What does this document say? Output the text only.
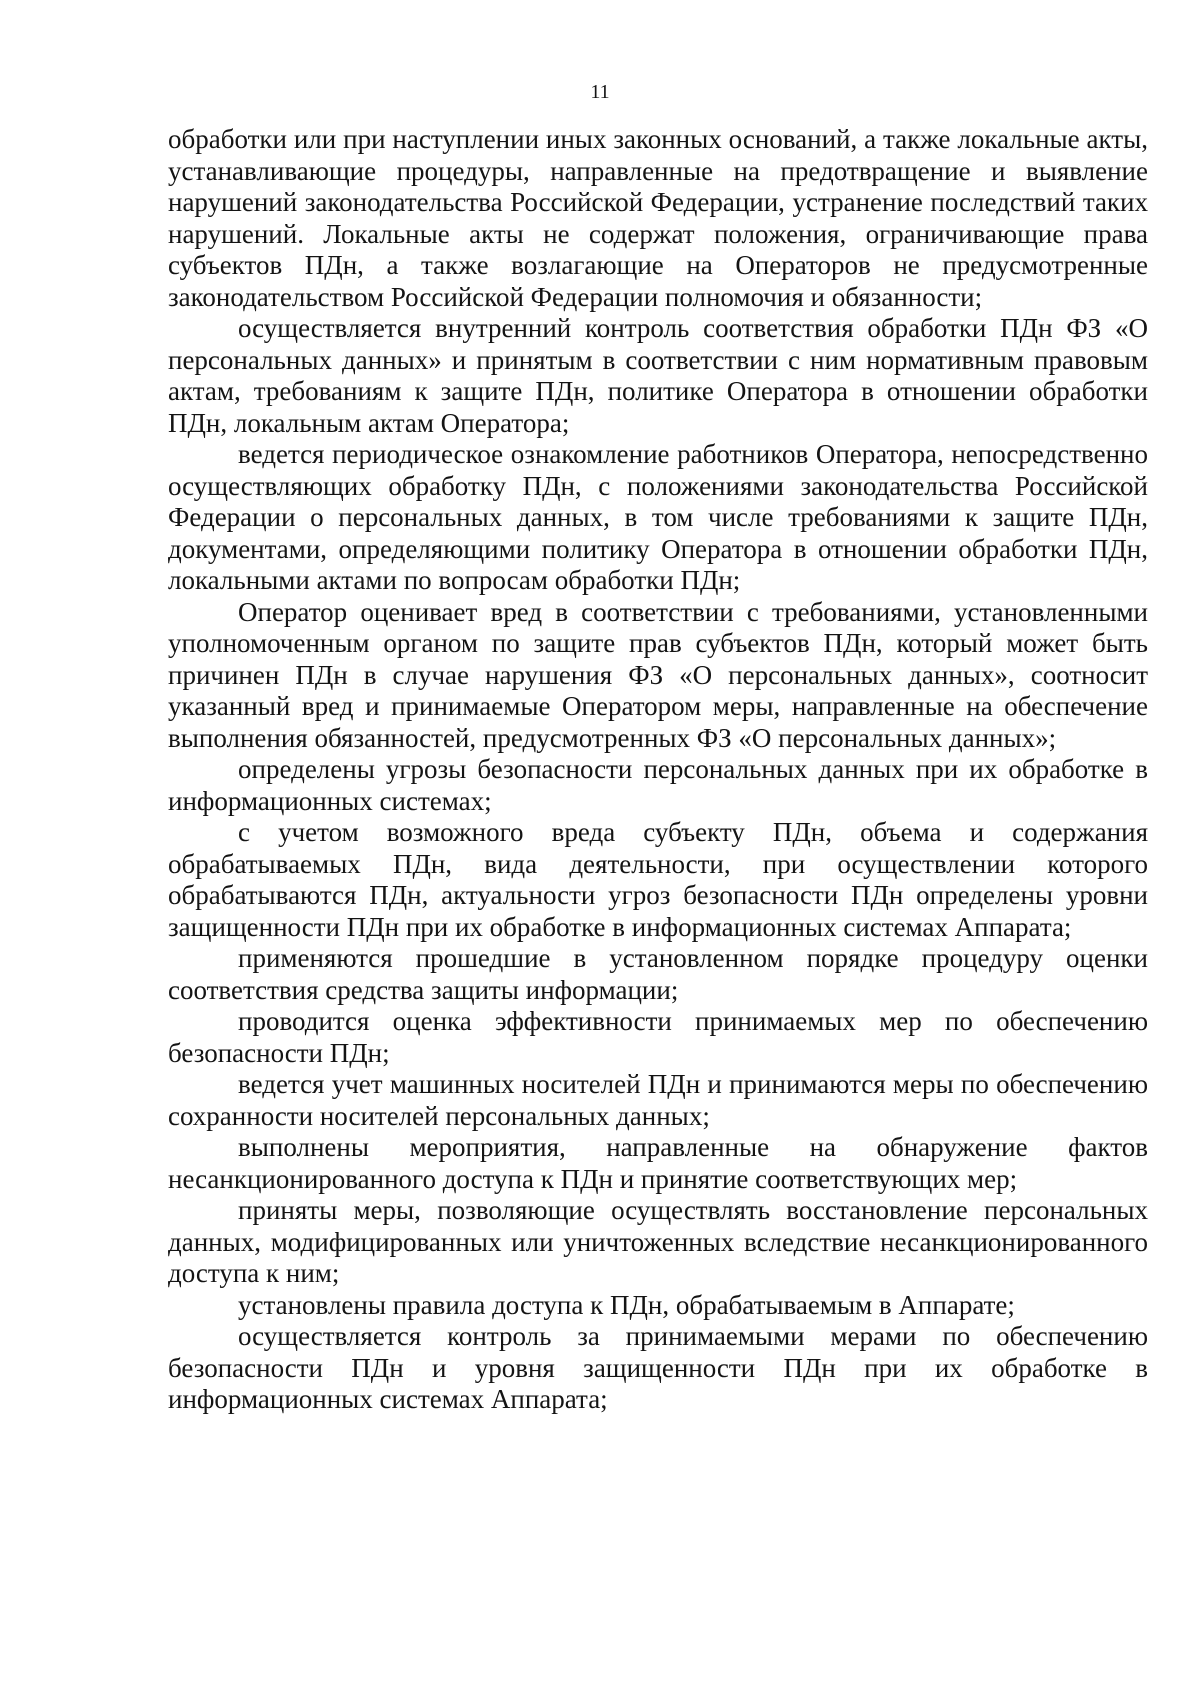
11

обработки или при наступлении иных законных оснований, а также локальные акты, устанавливающие процедуры, направленные на предотвращение и выявление нарушений законодательства Российской Федерации, устранение последствий таких нарушений. Локальные акты не содержат положения, ограничивающие права субъектов ПДн, а также возлагающие на Операторов не предусмотренные законодательством Российской Федерации полномочия и обязанности;

осуществляется внутренний контроль соответствия обработки ПДн ФЗ «О персональных данных» и принятым в соответствии с ним нормативным правовым актам, требованиям к защите ПДн, политике Оператора в отношении обработки ПДн, локальным актам Оператора;

ведется периодическое ознакомление работников Оператора, непосредственно осуществляющих обработку ПДн, с положениями законодательства Российской Федерации о персональных данных, в том числе требованиями к защите ПДн, документами, определяющими политику Оператора в отношении обработки ПДн, локальными актами по вопросам обработки ПДн;

Оператор оценивает вред в соответствии с требованиями, установленными уполномоченным органом по защите прав субъектов ПДн, который может быть причинен ПДн в случае нарушения ФЗ «О персональных данных», соотносит указанный вред и принимаемые Оператором меры, направленные на обеспечение выполнения обязанностей, предусмотренных ФЗ «О персональных данных»;

определены угрозы безопасности персональных данных при их обработке в информационных системах;

с учетом возможного вреда субъекту ПДн, объема и содержания обрабатываемых ПДн, вида деятельности, при осуществлении которого обрабатываются ПДн, актуальности угроз безопасности ПДн определены уровни защищенности ПДн при их обработке в информационных системах Аппарата;

применяются прошедшие в установленном порядке процедуру оценки соответствия средства защиты информации;

проводится оценка эффективности принимаемых мер по обеспечению безопасности ПДн;

ведется учет машинных носителей ПДн и принимаются меры по обеспечению сохранности носителей персональных данных;

выполнены мероприятия, направленные на обнаружение фактов несанкционированного доступа к ПДн и принятие соответствующих мер;

приняты меры, позволяющие осуществлять восстановление персональных данных, модифицированных или уничтоженных вследствие несанкционированного доступа к ним;

установлены правила доступа к ПДн, обрабатываемым в Аппарате;

осуществляется контроль за принимаемыми мерами по обеспечению безопасности ПДн и уровня защищенности ПДн при их обработке в информационных системах Аппарата;
